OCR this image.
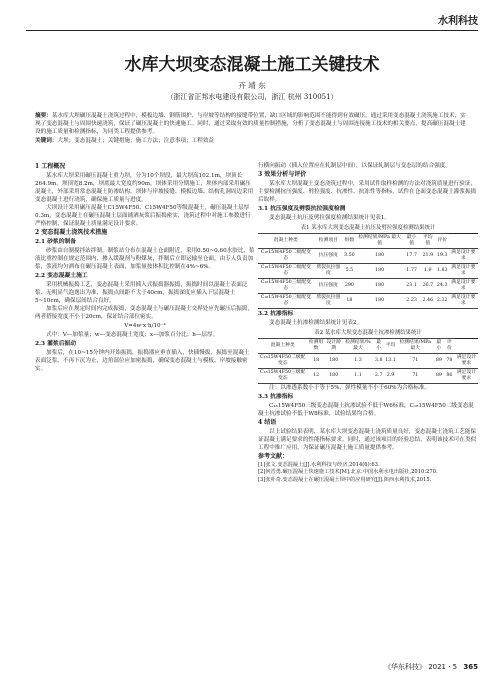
水利科技
水库大坝变态混凝土施工关键技术
卉 靖 东
（浙江省正邦水电建设有限公司，浙江 杭州 310051）
摘要：某水库大坝碾压混凝土浇筑过程中，模板边墙、钢筋围护、与岸坡等结构的接缝带位置，缺口区域的影响范围不能得到有效碾压。通过采用变态混凝土浇筑施工技术，实现了变态混凝土与周围快速浇筑，保证了碾压混凝土的快速施工。同时，通过采取有效的质量控制措施，分析了变态混凝土与周围连接施工技术的相关要点，提高碾压混凝土建设的施工质量和检测指标，为同类工程提供参考。
关键词：大坝；变态混凝土；关键措施；施工方法；注意事项；工程效益
1 工程概况

某水库大坝采用碾压混凝土重力坝，分为10个坝段，最大坝高102.1m，坝顶长264.9m，坝顶宽8.2m，坝底最大宽度约90m。坝体采用分期施工，坝体内部采用碾压混凝土，外部采用常态混凝土防渗结构，坝体与岸坡接缝、模板边墙、结构孔洞周边采用变态混凝土进行浇筑，确保施工质量与进度。

大坝设计采用碾压混凝土C15W4F50、C15W4F50等级混凝土，碾压混凝土层厚0.3m，变态混凝土在碾压混凝土层面铺洒灰浆后振捣密实，浇筑过程中对施工参数进行严格控制，保证混凝土质量满足设计要求。

2 变态混凝土浇筑技术措施
2.1 砂浆的制备

砂浆由自制搅拌站拌制，制浆站分布在混凝土仓面附近，采用0.50~0.60水胶比，浆液比重控制在规定范围内，掺入缓凝剂与粉煤灰，拌制后立即运输至仓面，由专人负责加浆，浆液均匀洒布在碾压混凝土表面，加浆量按体积比控制在4%~6%。

2.2 变态混凝土施工

采用机械振捣工艺，变态混凝土采用插入式振捣器振捣，振捣时间以混凝土表面泛浆、无明显气泡逸出为准，振捣点间距不大于40cm，振捣深度应插入下层混凝土5~10cm，确保层间结合良好。

加浆后应在规定时间内完成振捣，变态混凝土与碾压混凝土交界处应先碾压后振捣，两者搭接宽度不小于20cm，保证结合部位密实。

V=4w·x·h/10⁻⁴

式中：V—加浆量；w—变态混凝土宽度；x—加浆百分比；h—层厚。

2.3 灌浆后振动

加浆后，在10~15分钟内开始振捣，振捣器应垂直插入，快插慢拔，振捣至混凝土表面泛浆、不再下沉为止，边角部位应加密振捣，确保变态混凝土与模板、岸坡接触密实。

行横向振动（插入位置应在轧制层中间），以保证轧制层与变态层的结合强度。

3 效果分析与评价

某水库大坝混凝土变态浇筑过程中，采用试件取样检测的方法对浇筑质量进行验证，主要检测抗压强度、劈拉强度、抗渗性、抗冻性等指标，试件在仓面变态混凝土灌浆振捣后取样。

3.1 抗压强度及劈裂抗拉强度检测

变态混凝土抗压及劈拉强度检测结果统计见表1。

表1 某水库大坝变态混凝土抗压及劈拉强度检测结果统计
混凝土种类	检测项目	组数	检测结果/MPa 最大值	最小值	平均值	评价	
C₁₈15W4F50二级配变态	抗压强度	3.50	180	17.7	21.9	19.3	满足设计要求
C₁₈15W4F50二级配变态	劈裂抗拉强度	5.5	180	1.77	1.9	1.83	满足设计要求
C₁₈15W4F50三级配变态	抗压强度	290	180	23.1	26.7	24.3	满足设计要求
C₁₈15W4F50三级配变态	劈裂抗拉强度	18	180	2.23	2.46	2.32	满足设计要求
3.2 抗渗指标

变态混凝土抗渗检测结果统计见表2。

表2 某水库大坝变态混凝土抗渗检测结果统计
混凝土种类	检测组数	设计龄期	检测结果/% 最大	最小	平均	检测结果/MPa 最大	最小	评价	
C₁₈15W4F50二级配变态	18	180	1.3	3.8	13.1	71	89	78	满足设计要求
C₁₈15W4F50三级配变态	12	180	1.1	2.7	2.9	71	89	86	满足设计要求

注：以渗透系数小于等于5%，弹性模量不小于60%为合格标准。

3.3 抗渗指标

C₁₈15W4F50三级变态混凝土抗渗试验不低于W6标准，C₁₈15W4F50二级变态混凝土抗渗试验不低于W8标准，试验结果均合格。

4 结语

以上试验结果表明，某水库大坝变态混凝土浇筑质量良好，变态混凝土浇筑工艺能保证混凝土满足要求的性能指标要求。同时，通过该项目的经验总结，表明该技术可在类似工程中推广应用，为保证碾压混凝土施工质量提供参考。

参考文献：
[1]张文.变态混凝土[J].水利科技与经济,2014(6):63.
[2]何晋勇.碾压混凝土快速施工技术[M].北京:中国水利水电出版社,2010:270.
[3]张朴奇.变态混凝土在碾压混凝土坝中的应用研究[J].陕西水利技术,2015.
《华东科技》 2021 · 5 365
